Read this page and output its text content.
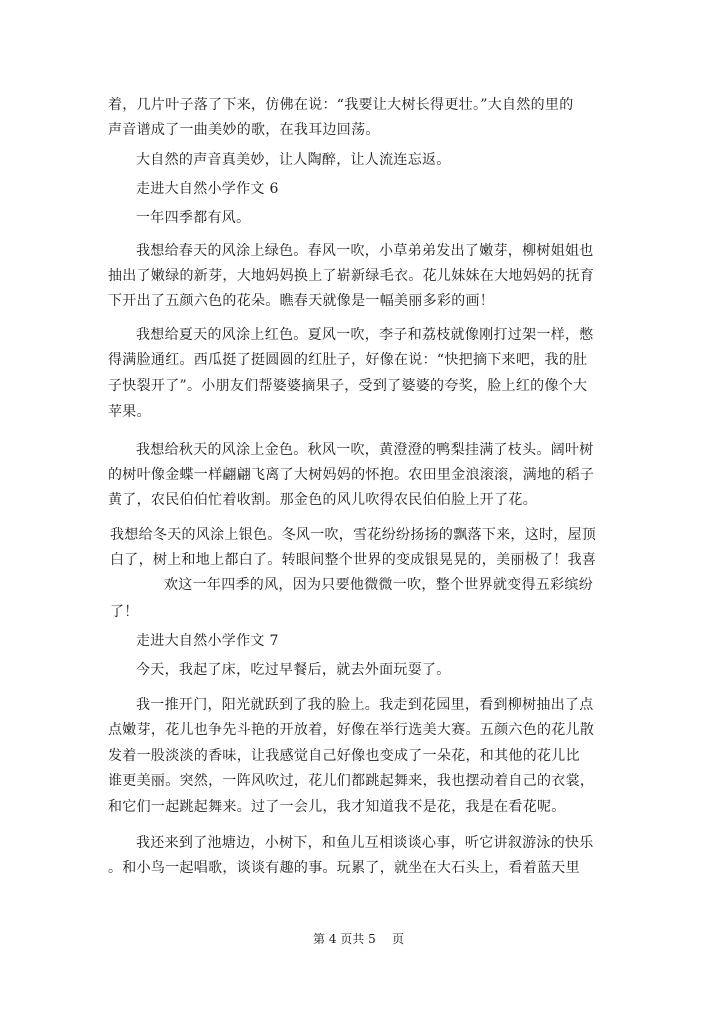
着，几片叶子落了下来，仿佛在说：“我要让大树长得更壮。”大自然的里的
声音谱成了一曲美妙的歌，在我耳边回荡。
大自然的声音真美妙，让人陶醉，让人流连忘返。
走进大自然小学作文 6
一年四季都有风。
我想给春天的风涂上绿色。春风一吹，小草弟弟发出了嫩芽，柳树姐姐也
抽出了嫩绿的新芽，大地妈妈换上了崭新绿毛衣。花儿妹妹在大地妈妈的抚育
下开出了五颜六色的花朵。瞧春天就像是一幅美丽多彩的画！
我想给夏天的风涂上红色。夏风一吹，李子和荔枝就像刚打过架一样，憋
得满脸通红。西瓜挺了挺圆圆的红肚子，好像在说：“快把摘下来吧，我的肚
子快裂开了”。小朋友们帮婆婆摘果子，受到了婆婆的夸奖，脸上红的像个大
苹果。
我想给秋天的风涂上金色。秋风一吹，黄澄澄的鸭梨挂满了枝头。阔叶树
的树叶像金蝶一样翩翩飞离了大树妈妈的怀抱。农田里金浪滚滚，满地的稻子
黄了，农民伯伯忙着收割。那金色的风儿吹得农民伯伯脸上开了花。
我想给冬天的风涂上银色。冬风一吹，雪花纷纷扬扬的飘落下来，这时，屋顶
白了，树上和地上都白了。转眼间整个世界的变成银晃晃的，美丽极了！我喜
欢这一年四季的风，因为只要他微微一吹，整个世界就变得五彩缤纷
了！
走进大自然小学作文 7
今天，我起了床，吃过早餐后，就去外面玩耍了。
我一推开门，阳光就跃到了我的脸上。我走到花园里，看到柳树抽出了点
点嫩芽，花儿也争先斗艳的开放着，好像在举行选美大赛。五颜六色的花儿散
发着一股淡淡的香味，让我感觉自己好像也变成了一朵花，和其他的花儿比
谁更美丽。突然，一阵风吹过，花儿们都跳起舞来，我也摆动着自己的衣裳，
和它们一起跳起舞来。过了一会儿，我才知道我不是花，我是在看花呢。
我还来到了池塘边，小树下，和鱼儿互相谈谈心事，听它讲叙游泳的快乐
。和小鸟一起唱歌，谈谈有趣的事。玩累了，就坐在大石头上，看着蓝天里
第 4 页共 5 页
